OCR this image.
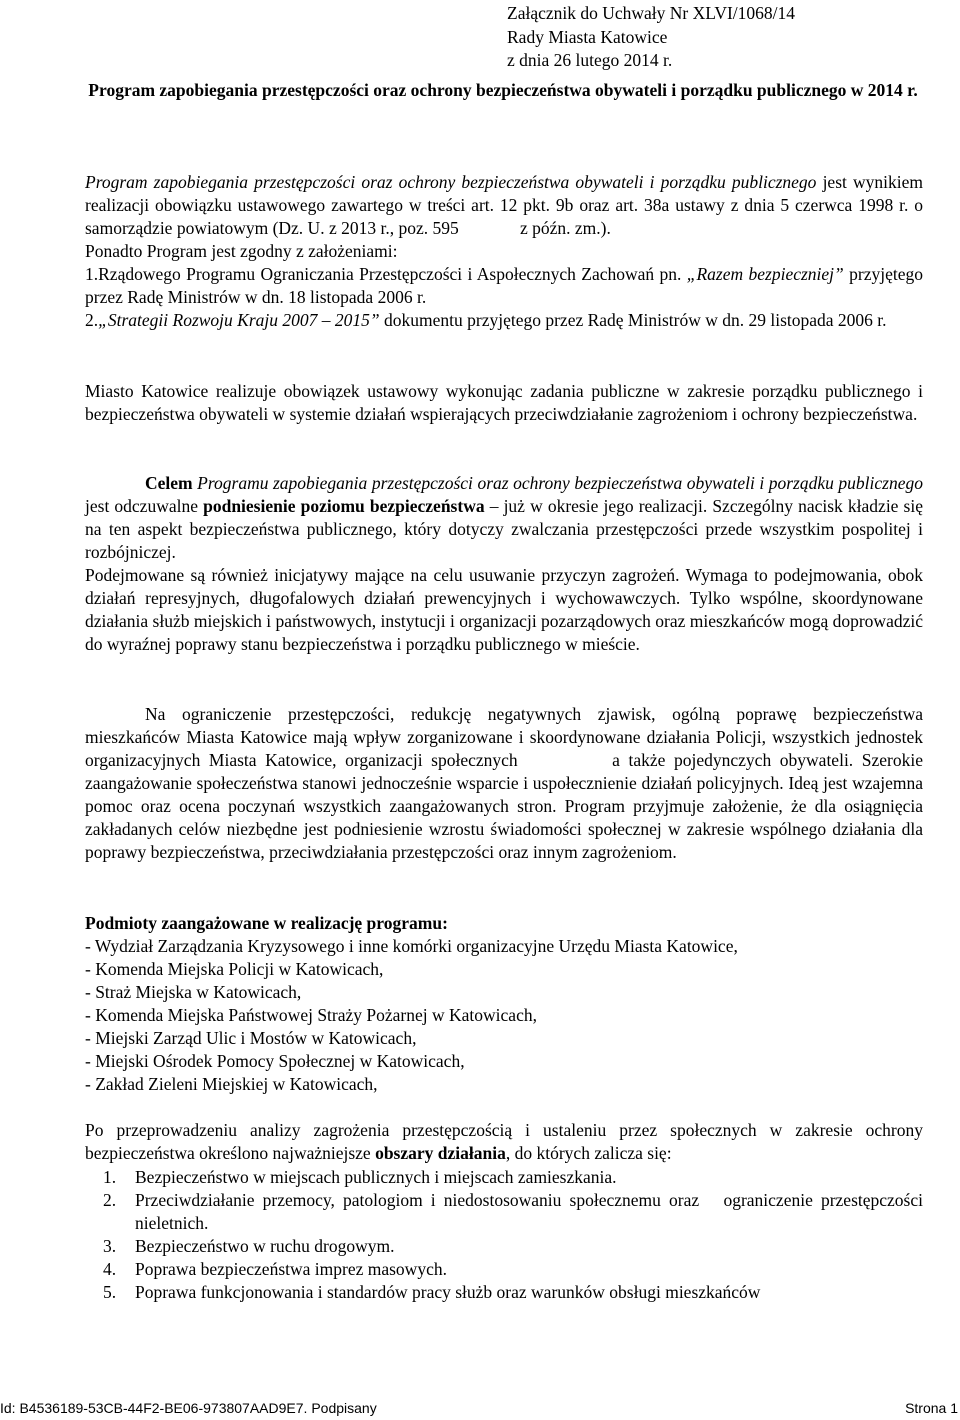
Załącznik do Uchwały Nr XLVI/1068/14
Rady Miasta Katowice
z dnia 26 lutego 2014 r.
Program zapobiegania przestępczości oraz ochrony bezpieczeństwa obywateli i porządku publicznego w 2014 r.
Program zapobiegania przestępczości oraz ochrony bezpieczeństwa obywateli i porządku publicznego jest wynikiem realizacji obowiązku ustawowego zawartego w treści art. 12 pkt. 9b oraz art. 38a ustawy z dnia 5 czerwca 1998 r. o samorządzie powiatowym (Dz. U. z 2013 r., poz. 595              z późn. zm.).
Ponadto Program jest zgodny z założeniami:
1.Rządowego Programu Ograniczania Przestępczości i Aspołecznych Zachowań pn. „Razem bezpieczniej” przyjętego przez Radę Ministrów w dn. 18 listopada 2006 r.
2.„Strategii Rozwoju Kraju 2007 – 2015” dokumentu przyjętego przez Radę Ministrów w dn. 29 listopada 2006 r.
Miasto Katowice realizuje obowiązek ustawowy wykonując zadania publiczne w zakresie porządku publicznego i bezpieczeństwa obywateli w systemie działań wspierających przeciwdziałanie zagrożeniom i ochrony bezpieczeństwa.
Celem Programu zapobiegania przestępczości oraz ochrony bezpieczeństwa obywateli i porządku publicznego jest odczuwalne podniesienie poziomu bezpieczeństwa – już w okresie jego realizacji. Szczególny nacisk kładzie się na ten aspekt bezpieczeństwa publicznego, który dotyczy zwalczania przestępczości przede wszystkim pospolitej i rozbójniczej.
Podejmowane są również inicjatywy mające na celu usuwanie przyczyn zagrożeń. Wymaga to podejmowania, obok działań represyjnych, długofalowych działań prewencyjnych i wychowawczych. Tylko wspólne, skoordynowane działania służb miejskich i państwowych, instytucji i organizacji pozarządowych oraz mieszkańców mogą doprowadzić do wyraźnej poprawy stanu bezpieczeństwa i porządku publicznego w mieście.
Na ograniczenie przestępczości, redukcję negatywnych zjawisk, ogólną poprawę bezpieczeństwa mieszkańców Miasta Katowice mają wpływ zorganizowane i skoordynowane działania Policji, wszystkich jednostek organizacyjnych Miasta Katowice, organizacji społecznych           a także pojedynczych obywateli. Szerokie zaangażowanie społeczeństwa stanowi jednocześnie wsparcie i uspołecznienie działań policyjnych. Ideą jest wzajemna pomoc oraz ocena poczynań wszystkich zaangażowanych stron. Program przyjmuje założenie, że dla osiągnięcia zakładanych celów niezbędne jest podniesienie wzrostu świadomości społecznej w zakresie wspólnego działania dla poprawy bezpieczeństwa, przeciwdziałania przestępczości oraz innym zagrożeniom.
Podmioty zaangażowane w realizację programu:
- Wydział Zarządzania Kryzysowego i inne komórki organizacyjne Urzędu Miasta Katowice,
- Komenda Miejska Policji w Katowicach,
- Straż Miejska w Katowicach,
- Komenda Miejska Państwowej Straży Pożarnej w Katowicach,
- Miejski Zarząd Ulic i Mostów w Katowicach,
- Miejski Ośrodek Pomocy Społecznej w Katowicach,
- Zakład Zieleni Miejskiej w Katowicach,
Po przeprowadzeniu analizy zagrożenia przestępczością i ustaleniu przez społecznych w zakresie ochrony bezpieczeństwa określono najważniejsze obszary działania, do których zalicza się:
1. Bezpieczeństwo w miejscach publicznych i miejscach zamieszkania.
2. Przeciwdziałanie przemocy, patologiom i niedostosowaniu społecznemu oraz   ograniczenie przestępczości nieletnich.
3. Bezpieczeństwo w ruchu drogowym.
4. Poprawa bezpieczeństwa imprez masowych.
5. Poprawa funkcjonowania i standardów pracy służb oraz warunków obsługi mieszkańców
Id: B4536189-53CB-44F2-BE06-973807AAD9E7. Podpisany	Strona 1
